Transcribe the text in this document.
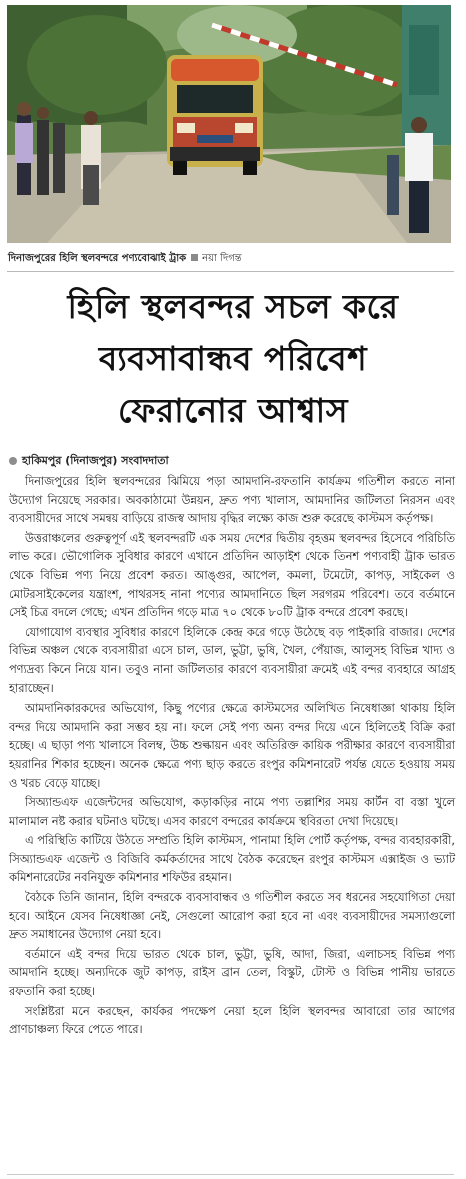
দিনাজপুরের হিলি স্থলবন্দরে পণ্যবোঝাই ট্রাক নয়া দিগন্ত
হিলি স্থলবন্দর সচল করে
ব্যবসাবান্ধব পরিবেশ
ফেরানোর আশ্বাস
হাকিমপুর (দিনাজপুর) সংবাদদাতা

দিনাজপুরের হিলি স্থলবন্দরের ঝিমিয়ে পড়া আমদানি-রফতানি কার্যক্রম গতিশীল করতে নানা উদ্যোগ নিয়েছে সরকার। অবকাঠামো উন্নয়ন, দ্রুত পণ্য খালাস, আমদানির জটিলতা নিরসন এবং ব্যবসায়ীদের সাথে সমন্বয় বাড়িয়ে রাজস্ব আদায় বৃদ্ধির লক্ষ্যে কাজ শুরু করেছে কাস্টমস কর্তৃপক্ষ।

উত্তরাঞ্চলের গুরুত্বপূর্ণ এই স্থলবন্দরটি এক সময় দেশের দ্বিতীয় বৃহত্তম স্থলবন্দর হিসেবে পরিচিতি লাভ করে। ভৌগোলিক সুবিধার কারণে এখানে প্রতিদিন আড়াইশ থেকে তিনশ পণ্যবাহী ট্রাক ভারত থেকে বিভিন্ন পণ্য নিয়ে প্রবেশ করত। আঙ্গুর, আপেল, কমলা, টমেটো, কাপড়, সাইকেল ও মোটরসাইকেলের যন্ত্রাংশ, পাথরসহ নানা পণ্যের আমদানিতে ছিল সরগরম পরিবেশ। তবে বর্তমানে সেই চিত্র বদলে গেছে; এখন প্রতিদিন গড়ে মাত্র ৭০ থেকে ৮০টি ট্রাক বন্দরে প্রবেশ করছে।

যোগাযোগ ব্যবস্থার সুবিধার কারণে হিলিকে কেন্দ্র করে গড়ে উঠেছে বড় পাইকারি বাজার। দেশের বিভিন্ন অঞ্চল থেকে ব্যবসায়ীরা এসে চাল, ডাল, ভুট্টা, ভুষি, খৈল, পেঁয়াজ, আলুসহ বিভিন্ন খাদ্য ও পণ্যদ্রব্য কিনে নিয়ে যান। তবুও নানা জটিলতার কারণে ব্যবসায়ীরা ক্রমেই এই বন্দর ব্যবহারে আগ্রহ হারাচ্ছেন।

আমদানিকারকদের অভিযোগ, কিছু পণ্যের ক্ষেত্রে কাস্টমসের অলিখিত নিষেধাজ্ঞা থাকায় হিলি বন্দর দিয়ে আমদানি করা সম্ভব হয় না। ফলে সেই পণ্য অন্য বন্দর দিয়ে এনে হিলিতেই বিক্রি করা হচ্ছে। এ ছাড়া পণ্য খালাসে বিলম্ব, উচ্চ শুল্কায়ন এবং অতিরিক্ত কায়িক পরীক্ষার কারণে ব্যবসায়ীরা হয়রানির শিকার হচ্ছেন। অনেক ক্ষেত্রে পণ্য ছাড় করতে রংপুর কমিশনারেট পর্যন্ত যেতে হওয়ায় সময় ও খরচ বেড়ে যাচ্ছে।

সিঅ্যান্ডএফ এজেন্টদের অভিযোগ, কড়াকড়ির নামে পণ্য তল্লাশির সময় কার্টন বা বস্তা খুলে মালামাল নষ্ট করার ঘটনাও ঘটছে। এসব কারণে বন্দরের কার্যক্রমে স্থবিরতা দেখা দিয়েছে।

এ পরিস্থিতি কাটিয়ে উঠতে সম্প্রতি হিলি কাস্টমস, পানামা হিলি পোর্ট কর্তৃপক্ষ, বন্দর ব্যবহারকারী, সিঅ্যান্ডএফ এজেন্ট ও বিজিবি কর্মকর্তাদের সাথে বৈঠক করেছেন রংপুর কাস্টমস এক্সাইজ ও ভ্যাট কমিশনারেটের নবনিযুক্ত কমিশনার শফিউর রহমান।

বৈঠকে তিনি জানান, হিলি বন্দরকে ব্যবসাবান্ধব ও গতিশীল করতে সব ধরনের সহযোগিতা দেয়া হবে। আইনে যেসব নিষেধাজ্ঞা নেই, সেগুলো আরোপ করা হবে না এবং ব্যবসায়ীদের সমস্যাগুলো দ্রুত সমাধানের উদ্যোগ নেয়া হবে।

বর্তমানে এই বন্দর দিয়ে ভারত থেকে চাল, ভুট্টা, ভুষি, আদা, জিরা, এলাচসহ বিভিন্ন পণ্য আমদানি হচ্ছে। অন্যদিকে জুট কাপড়, রাইস ব্রান তেল, বিস্কুট, টোস্ট ও বিভিন্ন পানীয় ভারতে রফতানি করা হচ্ছে।

সংশ্লিষ্টরা মনে করছেন, কার্যকর পদক্ষেপ নেয়া হলে হিলি স্থলবন্দর আবারো তার আগের প্রাণচাঞ্চল্য ফিরে পেতে পারে।
